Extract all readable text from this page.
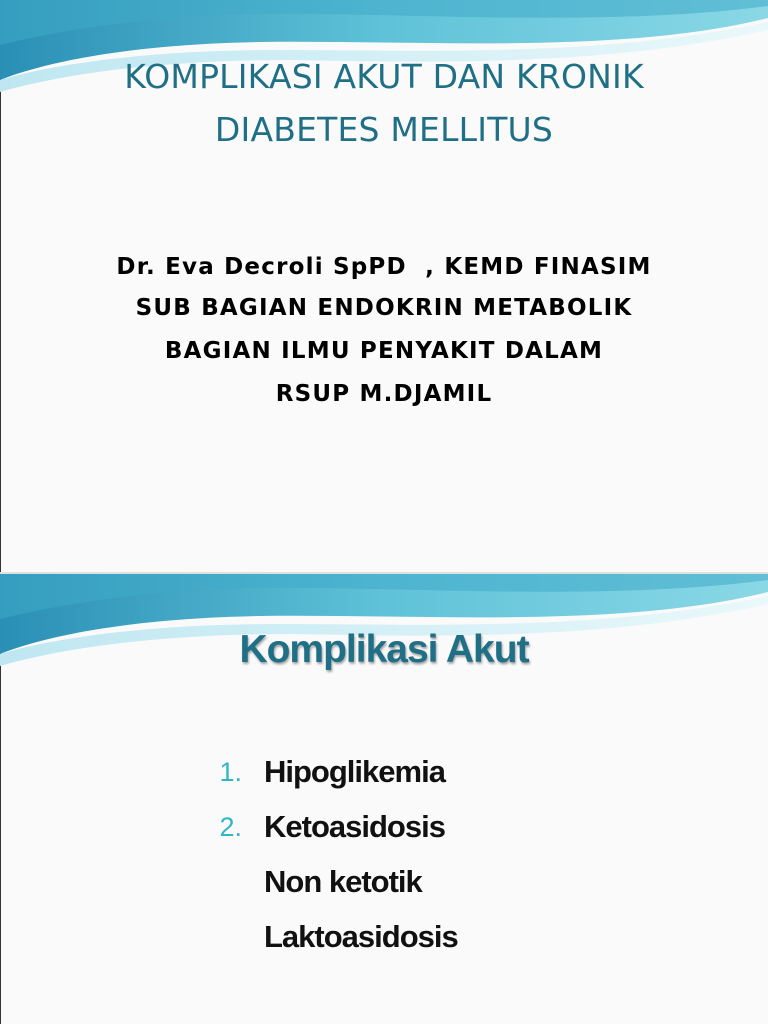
KOMPLIKASI AKUT DAN KRONIK
DIABETES MELLITUS
Dr. Eva Decroli SpPD  , KEMD FINASIM
SUB BAGIAN ENDOKRIN METABOLIK
BAGIAN ILMU PENYAKIT DALAM
RSUP M.DJAMIL
Komplikasi Akut
1. Hipoglikemia
2. Ketoasidosis
Non ketotik
Laktoasidosis
